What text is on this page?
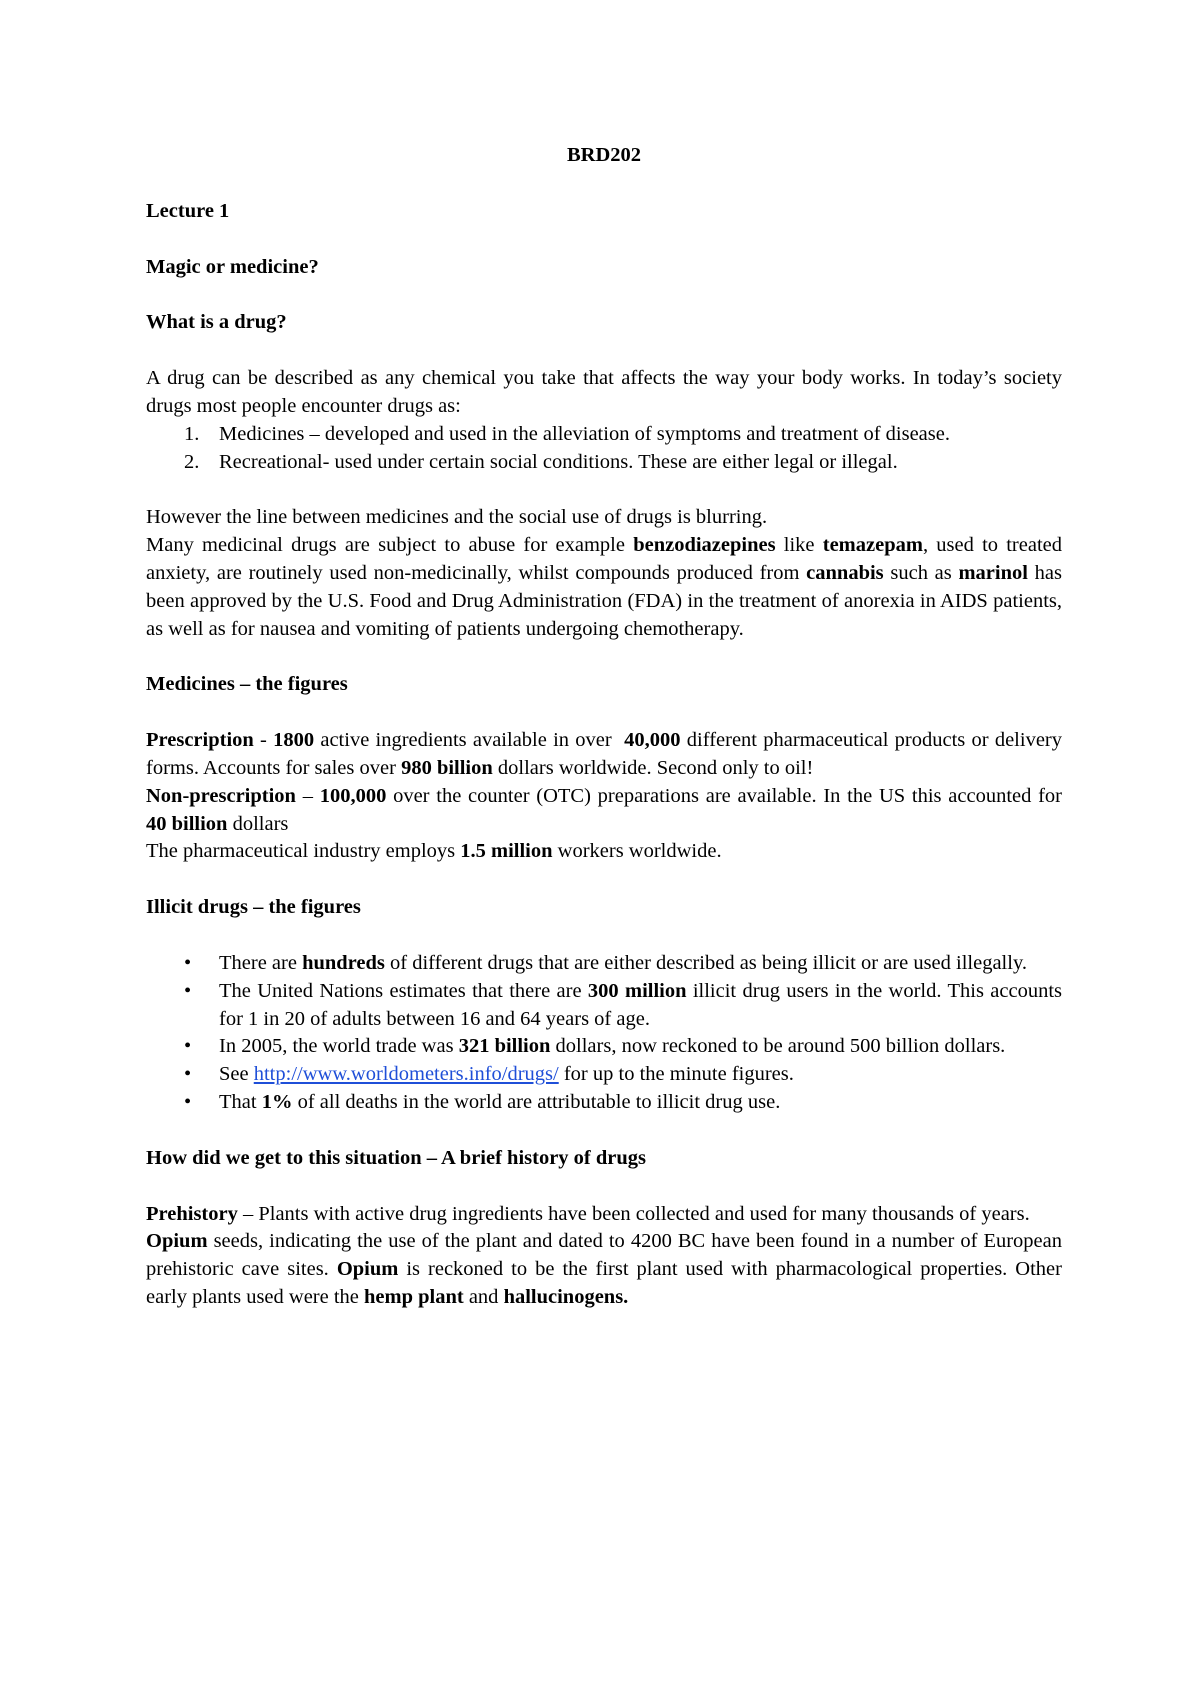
BRD202

Lecture 1

Magic or medicine?

What is a drug?

A drug can be described as any chemical you take that affects the way your body works. In today’s society drugs most people encounter drugs as:

1. Medicines – developed and used in the alleviation of symptoms and treatment of disease.
2. Recreational- used under certain social conditions. These are either legal or illegal.

However the line between medicines and the social use of drugs is blurring.

Many medicinal drugs are subject to abuse for example benzodiazepines like temazepam, used to treated anxiety, are routinely used non-medicinally, whilst compounds produced from cannabis such as marinol has been approved by the U.S. Food and Drug Administration (FDA) in the treatment of anorexia in AIDS patients, as well as for nausea and vomiting of patients undergoing chemotherapy.

Medicines – the figures

Prescription - 1800 active ingredients available in over  40,000 different pharmaceutical products or delivery forms. Accounts for sales over 980 billion dollars worldwide. Second only to oil!

Non-prescription – 100,000 over the counter (OTC) preparations are available. In the US this accounted for 40 billion dollars

The pharmaceutical industry employs 1.5 million workers worldwide.

Illicit drugs – the figures

• There are hundreds of different drugs that are either described as being illicit or are used illegally.
• The United Nations estimates that there are 300 million illicit drug users in the world. This accounts for 1 in 20 of adults between 16 and 64 years of age.
• In 2005, the world trade was 321 billion dollars, now reckoned to be around 500 billion dollars.
• See http://www.worldometers.info/drugs/ for up to the minute figures.
• That 1% of all deaths in the world are attributable to illicit drug use.

How did we get to this situation – A brief history of drugs

Prehistory – Plants with active drug ingredients have been collected and used for many thousands of years.

Opium seeds, indicating the use of the plant and dated to 4200 BC have been found in a number of European prehistoric cave sites. Opium is reckoned to be the first plant used with pharmacological properties. Other early plants used were the hemp plant and hallucinogens.
